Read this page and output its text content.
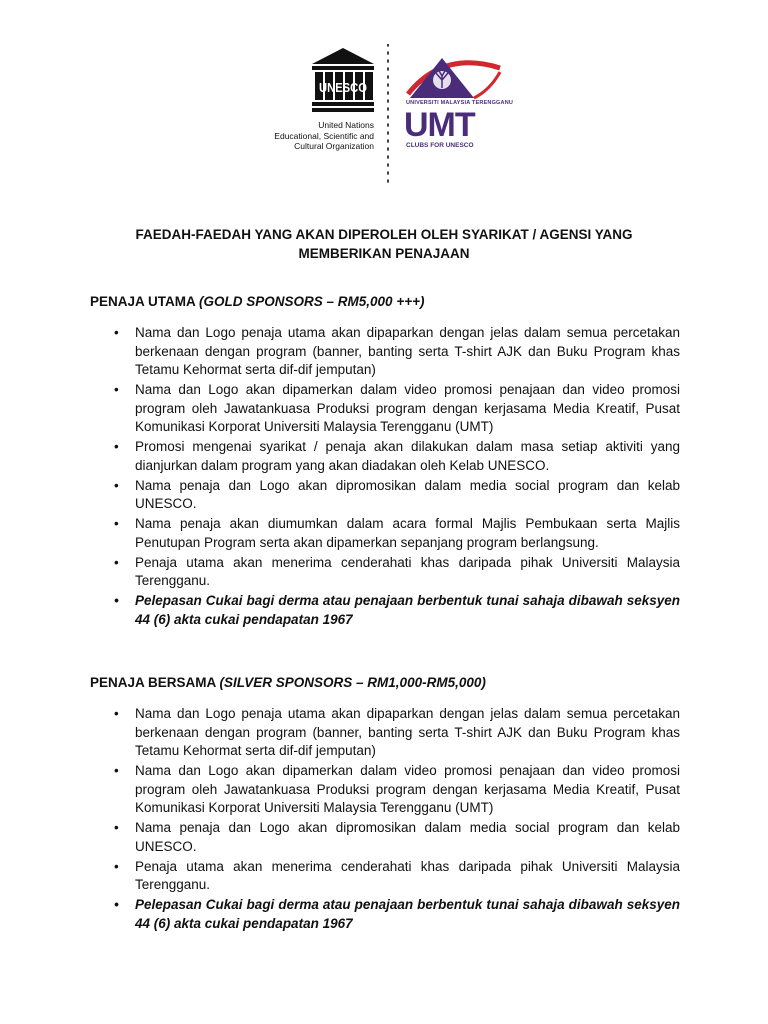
UNESCO
United Nations
Educational, Scientific and
Cultural Organization
UNIVERSITI MALAYSIA TERENGGANU
UMT
CLUBS FOR UNESCO
FAEDAH-FAEDAH YANG AKAN DIPEROLEH OLEH SYARIKAT / AGENSI YANG
MEMBERIKAN PENAJAAN

PENAJA UTAMA (GOLD SPONSORS – RM5,000 +++)

• Nama dan Logo penaja utama akan dipaparkan dengan jelas dalam semua percetakan berkenaan dengan program (banner, banting serta T-shirt AJK dan Buku Program khas Tetamu Kehormat serta dif-dif jemputan)
• Nama dan Logo akan dipamerkan dalam video promosi penajaan dan video promosi program oleh Jawatankuasa Produksi program dengan kerjasama Media Kreatif, Pusat Komunikasi Korporat Universiti Malaysia Terengganu (UMT)
• Promosi mengenai syarikat / penaja akan dilakukan dalam masa setiap aktiviti yang dianjurkan dalam program yang akan diadakan oleh Kelab UNESCO.
• Nama penaja dan Logo akan dipromosikan dalam media social program dan kelab UNESCO.
• Nama penaja akan diumumkan dalam acara formal Majlis Pembukaan serta Majlis Penutupan Program serta akan dipamerkan sepanjang program berlangsung.
• Penaja utama akan menerima cenderahati khas daripada pihak Universiti Malaysia Terengganu.
• Pelepasan Cukai bagi derma atau penajaan berbentuk tunai sahaja dibawah seksyen 44 (6) akta cukai pendapatan 1967

PENAJA BERSAMA (SILVER SPONSORS – RM1,000-RM5,000)

• Nama dan Logo penaja utama akan dipaparkan dengan jelas dalam semua percetakan berkenaan dengan program (banner, banting serta T-shirt AJK dan Buku Program khas Tetamu Kehormat serta dif-dif jemputan)
• Nama dan Logo akan dipamerkan dalam video promosi penajaan dan video promosi program oleh Jawatankuasa Produksi program dengan kerjasama Media Kreatif, Pusat Komunikasi Korporat Universiti Malaysia Terengganu (UMT)
• Nama penaja dan Logo akan dipromosikan dalam media social program dan kelab UNESCO.
• Penaja utama akan menerima cenderahati khas daripada pihak Universiti Malaysia Terengganu.
• Pelepasan Cukai bagi derma atau penajaan berbentuk tunai sahaja dibawah seksyen 44 (6) akta cukai pendapatan 1967
